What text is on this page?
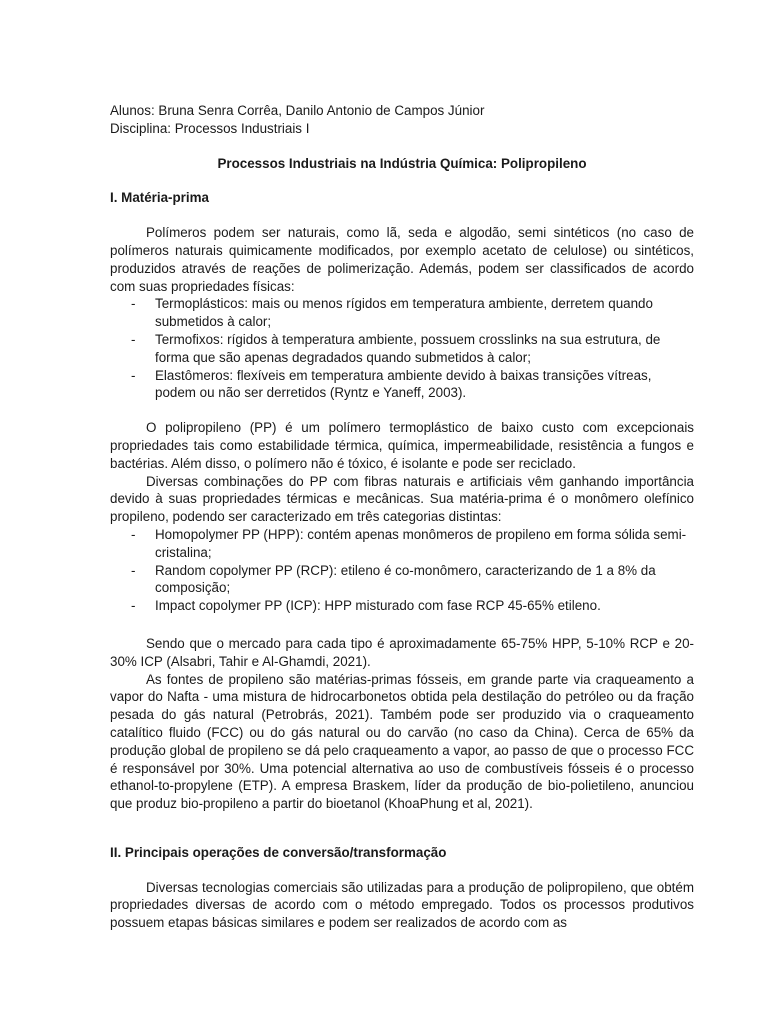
Alunos: Bruna Senra Corrêa, Danilo Antonio de Campos Júnior

Disciplina: Processos Industriais I

Processos Industriais na Indústria Química: Polipropileno
I. Matéria-prima

Polímeros podem ser naturais, como lã, seda e algodão, semi sintéticos (no caso de polímeros naturais quimicamente modificados, por exemplo acetato de celulose) ou sintéticos, produzidos através de reações de polimerização. Además, podem ser classificados de acordo com suas propriedades físicas:

- Termoplásticos: mais ou menos rígidos em temperatura ambiente, derretem quando submetidos à calor;
- Termofixos: rígidos à temperatura ambiente, possuem crosslinks na sua estrutura, de forma que são apenas degradados quando submetidos à calor;
- Elastômeros: flexíveis em temperatura ambiente devido à baixas transições vítreas, podem ou não ser derretidos (Ryntz e Yaneff, 2003).

O polipropileno (PP) é um polímero termoplástico de baixo custo com excepcionais propriedades tais como estabilidade térmica, química, impermeabilidade, resistência a fungos e bactérias. Além disso, o polímero não é tóxico, é isolante e pode ser reciclado.

Diversas combinações do PP com fibras naturais e artificiais vêm ganhando importância devido à suas propriedades térmicas e mecânicas. Sua matéria-prima é o monômero olefínico propileno, podendo ser caracterizado em três categorias distintas:

- Homopolymer PP (HPP): contém apenas monômeros de propileno em forma sólida semi-cristalina;
- Random copolymer PP (RCP): etileno é co-monômero, caracterizando de 1 a 8% da composição;
- Impact copolymer PP (ICP): HPP misturado com fase RCP 45-65% etileno.

Sendo que o mercado para cada tipo é aproximadamente 65-75% HPP, 5-10% RCP e 20-30% ICP (Alsabri, Tahir e Al-Ghamdi, 2021).

As fontes de propileno são matérias-primas fósseis, em grande parte via craqueamento a vapor do Nafta - uma mistura de hidrocarbonetos obtida pela destilação do petróleo ou da fração pesada do gás natural (Petrobrás, 2021). Também pode ser produzido via o craqueamento catalítico fluido (FCC) ou do gás natural ou do carvão (no caso da China). Cerca de 65% da produção global de propileno se dá pelo craqueamento a vapor, ao passo de que o processo FCC é responsável por 30%. Uma potencial alternativa ao uso de combustíveis fósseis é o processo ethanol-to-propylene (ETP). A empresa Braskem, líder da produção de bio-polietileno, anunciou que produz bio-propileno a partir do bioetanol (KhoaPhung et al, 2021).

II. Principais operações de conversão/transformação

Diversas tecnologias comerciais são utilizadas para a produção de polipropileno, que obtém propriedades diversas de acordo com o método empregado. Todos os processos produtivos possuem etapas básicas similares e podem ser realizados de acordo com as
